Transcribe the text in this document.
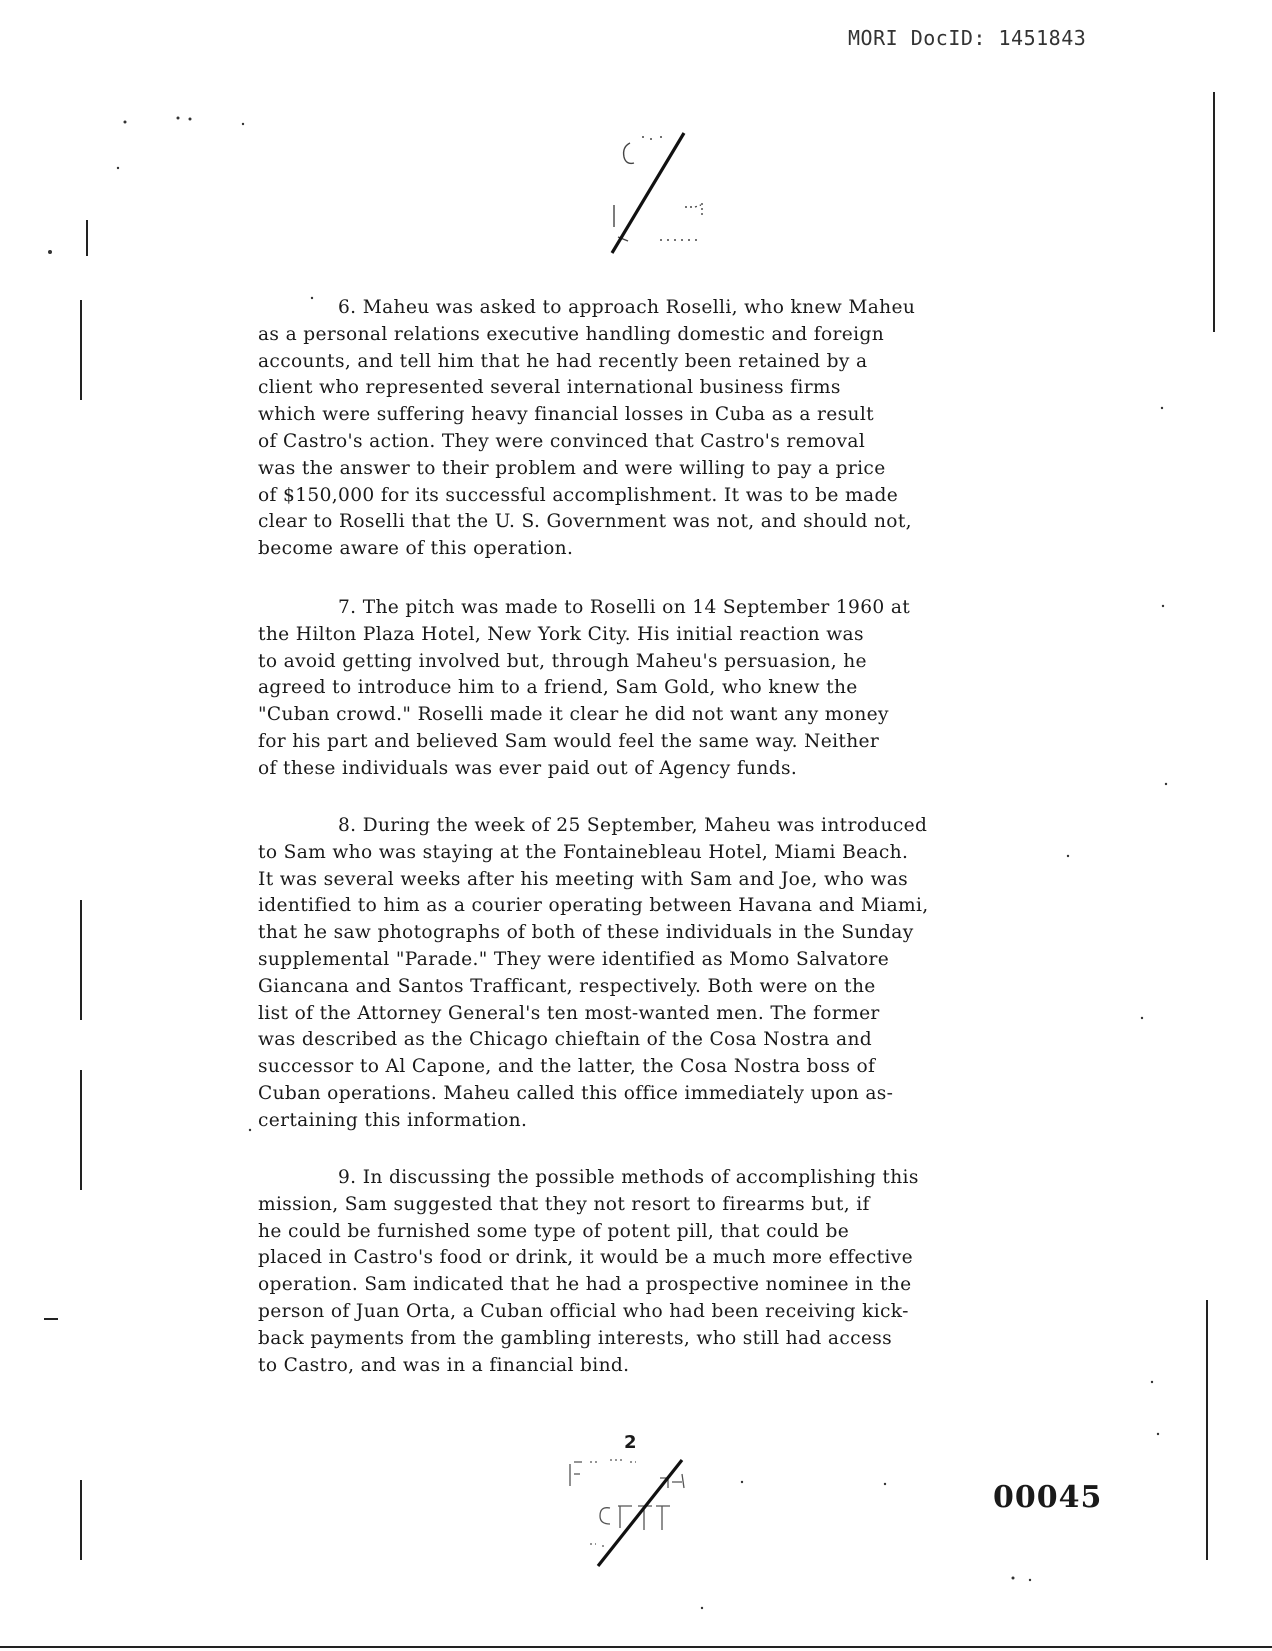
MORI DocID: 1451843
6. Maheu was asked to approach Roselli, who knew Maheu
as a personal relations executive handling domestic and foreign
accounts, and tell him that he had recently been retained by a
client who represented several international business firms
which were suffering heavy financial losses in Cuba as a result
of Castro's action. They were convinced that Castro's removal
was the answer to their problem and were willing to pay a price
of $150,000 for its successful accomplishment. It was to be made
clear to Roselli that the U. S. Government was not, and should not,
become aware of this operation.
7. The pitch was made to Roselli on 14 September 1960 at
the Hilton Plaza Hotel, New York City. His initial reaction was
to avoid getting involved but, through Maheu's persuasion, he
agreed to introduce him to a friend, Sam Gold, who knew the
"Cuban crowd." Roselli made it clear he did not want any money
for his part and believed Sam would feel the same way. Neither
of these individuals was ever paid out of Agency funds.
8. During the week of 25 September, Maheu was introduced
to Sam who was staying at the Fontainebleau Hotel, Miami Beach.
It was several weeks after his meeting with Sam and Joe, who was
identified to him as a courier operating between Havana and Miami,
that he saw photographs of both of these individuals in the Sunday
supplemental "Parade." They were identified as Momo Salvatore
Giancana and Santos Trafficant, respectively. Both were on the
list of the Attorney General's ten most-wanted men. The former
was described as the Chicago chieftain of the Cosa Nostra and
successor to Al Capone, and the latter, the Cosa Nostra boss of
Cuban operations. Maheu called this office immediately upon as-
certaining this information.
9. In discussing the possible methods of accomplishing this
mission, Sam suggested that they not resort to firearms but, if
he could be furnished some type of potent pill, that could be
placed in Castro's food or drink, it would be a much more effective
operation. Sam indicated that he had a prospective nominee in the
person of Juan Orta, a Cuban official who had been receiving kick-
back payments from the gambling interests, who still had access
to Castro, and was in a financial bind.
2
00045
